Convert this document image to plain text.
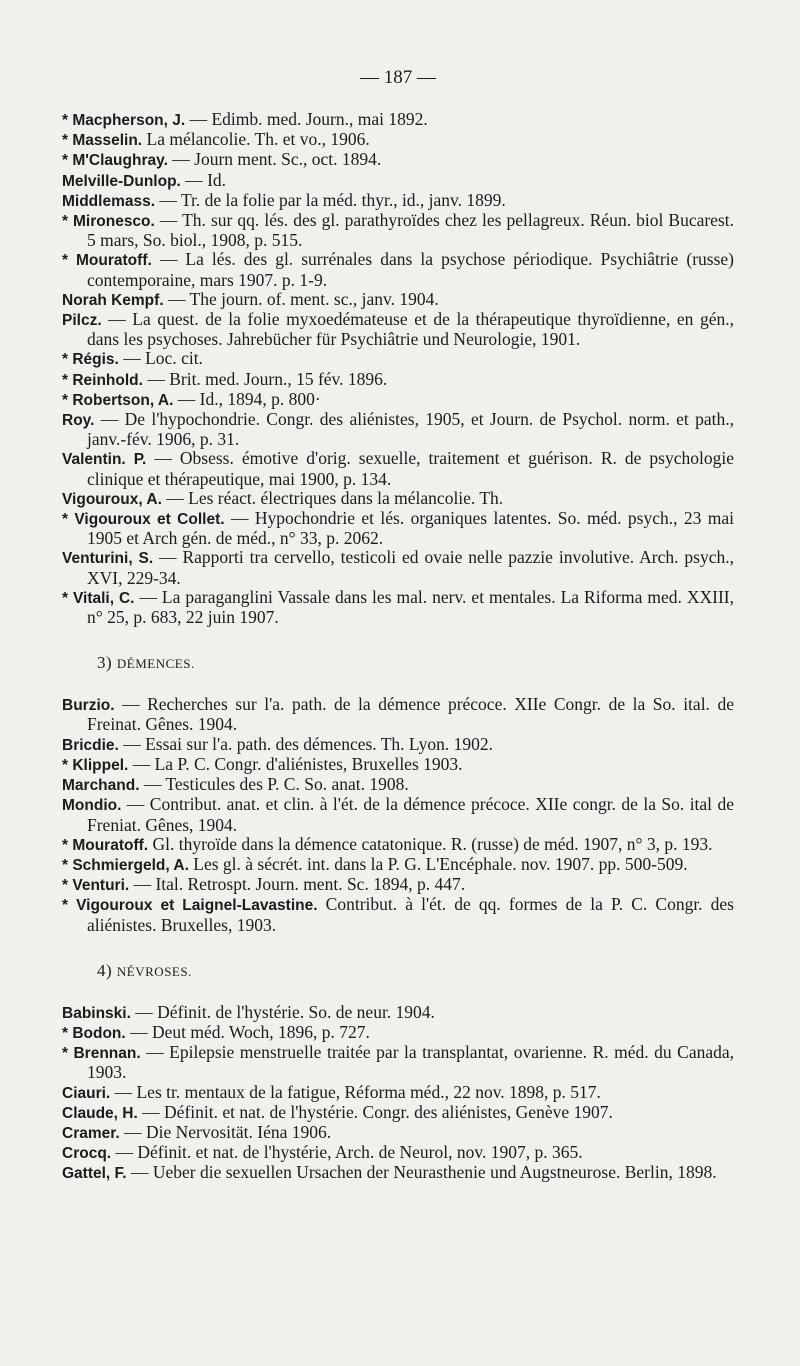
— 187 —

* Macpherson, J. — Edimb. med. Journ., mai 1892.

* Masselin. La mélancolie. Th. et vo., 1906.

* M'Claughray. — Journ ment. Sc., oct. 1894.

Melville-Dunlop. — Id.

Middlemass. — Tr. de la folie par la méd. thyr., id., janv. 1899.

* Mironesco. — Th. sur qq. lés. des gl. parathyroïdes chez les pellagreux. Réun. biol Bucarest. 5 mars, So. biol., 1908, p. 515.

* Mouratoff. — La lés. des gl. surrénales dans la psychose périodique. Psychiâtrie (russe) contemporaine, mars 1907. p. 1-9.

Norah Kempf. — The journ. of. ment. sc., janv. 1904.

Pilcz. — La quest. de la folie myxoedémateuse et de la thérapeutique thyroïdienne, en gén., dans les psychoses. Jahrebücher für Psychiâtrie und Neurologie, 1901.

* Régis. — Loc. cit.

* Reinhold. — Brit. med. Journ., 15 fév. 1896.

* Robertson, A. — Id., 1894, p. 800·

Roy. — De l'hypochondrie. Congr. des aliénistes, 1905, et Journ. de Psychol. norm. et path., janv.-fév. 1906, p. 31.

Valentin. P. — Obsess. émotive d'orig. sexuelle, traitement et guérison. R. de psychologie clinique et thérapeutique, mai 1900, p. 134.

Vigouroux, A. — Les réact. électriques dans la mélancolie. Th.

* Vigouroux et Collet. — Hypochondrie et lés. organiques latentes. So. méd. psych., 23 mai 1905 et Arch gén. de méd., n° 33, p. 2062.

Venturini, S. — Rapporti tra cervello, testicoli ed ovaie nelle pazzie involutive. Arch. psych., XVI, 229-34.

* Vitali, C. — La paraganglini Vassale dans les mal. nerv. et mentales. La Riforma med. XXIII, n° 25, p. 683, 22 juin 1907.

3) DÉMENCES.

Burzio. — Recherches sur l'a. path. de la démence précoce. XIIe Congr. de la So. ital. de Freinat. Gênes. 1904.

Bricdie. — Essai sur l'a. path. des démences. Th. Lyon. 1902.

* Klippel. — La P. C. Congr. d'aliénistes, Bruxelles 1903.

Marchand. — Testicules des P. C. So. anat. 1908.

Mondio. — Contribut. anat. et clin. à l'ét. de la démence précoce. XIIe congr. de la So. ital de Freniat. Gênes, 1904.

* Mouratoff. Gl. thyroïde dans la démence catatonique. R. (russe) de méd. 1907, n° 3, p. 193.

* Schmiergeld, A. Les gl. à sécrét. int. dans la P. G. L'Encéphale. nov. 1907. pp. 500-509.

* Venturi. — Ital. Retrospt. Journ. ment. Sc. 1894, p. 447.

* Vigouroux et Laignel-Lavastine. Contribut. à l'ét. de qq. formes de la P. C. Congr. des aliénistes. Bruxelles, 1903.

4) NÉVROSES.

Babinski. — Définit. de l'hystérie. So. de neur. 1904.

* Bodon. — Deut méd. Woch, 1896, p. 727.

* Brennan. — Epilepsie menstruelle traitée par la transplantat, ovarienne. R. méd. du Canada, 1903.

Ciauri. — Les tr. mentaux de la fatigue, Réforma méd., 22 nov. 1898, p. 517.

Claude, H. — Définit. et nat. de l'hystérie. Congr. des aliénistes, Genève 1907.

Cramer. — Die Nervosität. Iéna 1906.

Crocq. — Définit. et nat. de l'hystérie, Arch. de Neurol, nov. 1907, p. 365.

Gattel, F. — Ueber die sexuellen Ursachen der Neurasthenie und Augstneurose. Berlin, 1898.
